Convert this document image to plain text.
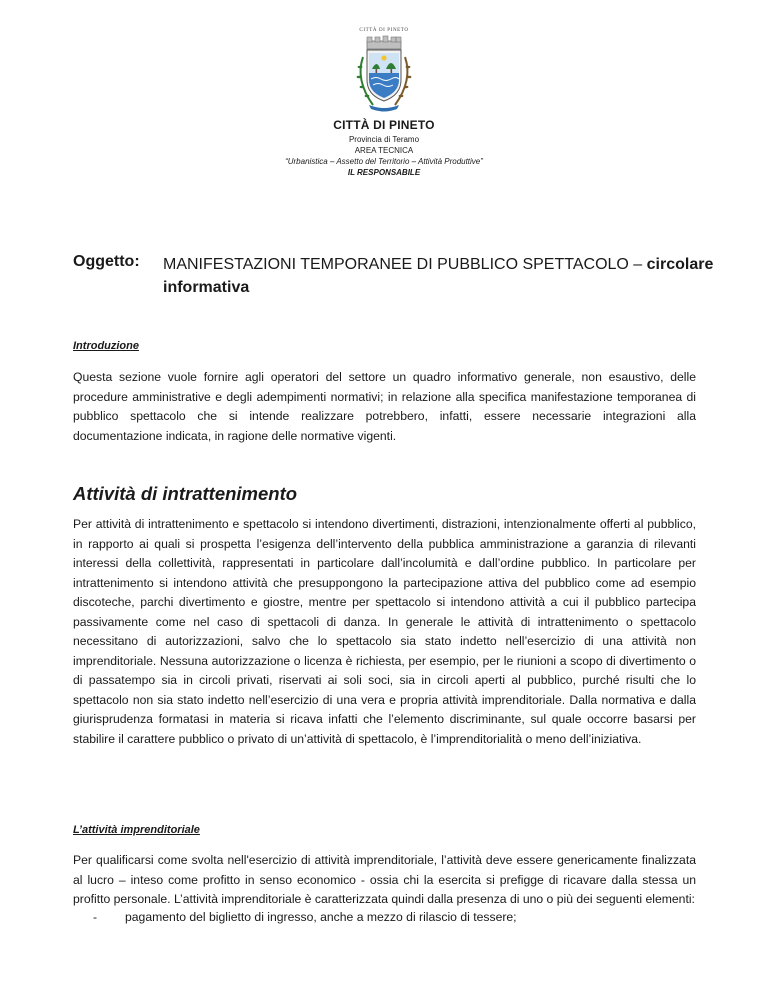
CITTÀ DI PINETO
CITTÀ DI PINETO
Provincia di Teramo
AREA TECNICA
“Urbanistica – Assetto del Territorio – Attività Produttive”
IL RESPONSABILE
Oggetto: MANIFESTAZIONI TEMPORANEE DI PUBBLICO SPETTACOLO – circolare informativa
Introduzione
Questa sezione vuole fornire agli operatori del settore un quadro informativo generale, non esaustivo, delle procedure amministrative e degli adempimenti normativi; in relazione alla specifica manifestazione temporanea di pubblico spettacolo che si intende realizzare potrebbero, infatti, essere necessarie integrazioni alla documentazione indicata, in ragione delle normative vigenti.
Attività di intrattenimento
Per attività di intrattenimento e spettacolo si intendono divertimenti, distrazioni, intenzionalmente offerti al pubblico, in rapporto ai quali si prospetta l’esigenza dell’intervento della pubblica amministrazione a garanzia di rilevanti interessi della collettività, rappresentati in particolare dall’incolumità e dall’ordine pubblico. In particolare per intrattenimento si intendono attività che presuppongono la partecipazione attiva del pubblico come ad esempio discoteche, parchi divertimento e giostre, mentre per spettacolo si intendono attività a cui il pubblico partecipa passivamente come nel caso di spettacoli di danza. In generale le attività di intrattenimento o spettacolo necessitano di autorizzazioni, salvo che lo spettacolo sia stato indetto nell’esercizio di una attività non imprenditoriale. Nessuna autorizzazione o licenza è richiesta, per esempio, per le riunioni a scopo di divertimento o di passatempo sia in circoli privati, riservati ai soli soci, sia in circoli aperti al pubblico, purché risulti che lo spettacolo non sia stato indetto nell’esercizio di una vera e propria attività imprenditoriale. Dalla normativa e dalla giurisprudenza formatasi in materia si ricava infatti che l’elemento discriminante, sul quale occorre basarsi per stabilire il carattere pubblico o privato di un’attività di spettacolo, è l’imprenditorialità o meno dell’iniziativa.
L’attività imprenditoriale
Per qualificarsi come svolta nell'esercizio di attività imprenditoriale, l’attività deve essere genericamente finalizzata al lucro – inteso come profitto in senso economico - ossia chi la esercita si prefigge di ricavare dalla stessa un profitto personale. L’attività imprenditoriale è caratterizzata quindi dalla presenza di uno o più dei seguenti elementi:
- pagamento del biglietto di ingresso, anche a mezzo di rilascio di tessere;
